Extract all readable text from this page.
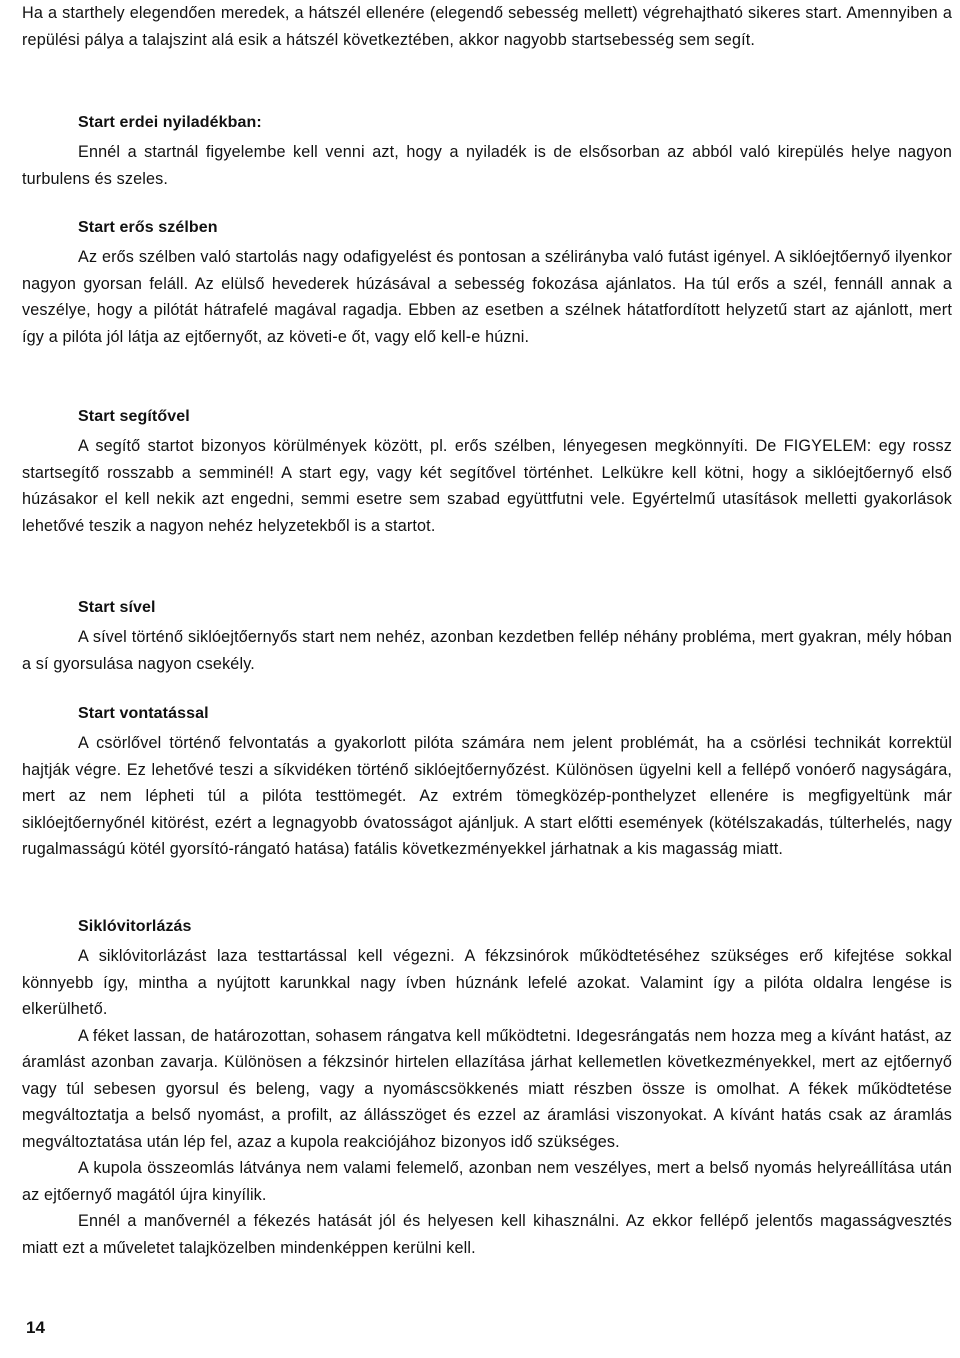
Ha a starthely elegendően meredek, a hátszél ellenére (elegendő sebesség mellett) végrehajtható sikeres start. Amennyiben a repülési pálya a talajszint alá esik a hátszél következtében, akkor nagyobb startsebesség sem segít.

Start erdei nyiladékban:

Ennél a startnál figyelembe kell venni azt, hogy a nyiladék is de elsősorban az abból való kirepülés helye nagyon turbulens és szeles.

Start erős szélben

Az erős szélben való startolás nagy odafigyelést és pontosan a szélirányba való futást igényel. A siklóejtőernyő ilyenkor nagyon gyorsan feláll. Az elülső hevederek húzásával a sebesség fokozása ajánlatos. Ha túl erős a szél, fennáll annak a veszélye, hogy a pilótát hátrafelé magával ragadja. Ebben az esetben a szélnek hátatfordított helyzetű start az ajánlott, mert így a pilóta jól látja az ejtőernyőt, az követi-e őt, vagy elő kell-e húzni.

Start segítővel

A segítő startot bizonyos körülmények között, pl. erős szélben, lényegesen megkönnyíti. De FIGYELEM: egy rossz startsegítő rosszabb a semminél! A start egy, vagy két segítővel történhet. Lelkükre kell kötni, hogy a siklóejtőernyő első húzásakor el kell nekik azt engedni, semmi esetre sem szabad együttfutni vele. Egyértelmű utasítások melletti gyakorlások lehetővé teszik a nagyon nehéz helyzetekből is a startot.

Start sível

A sível történő siklóejtőernyős start nem nehéz, azonban kezdetben fellép néhány probléma, mert gyakran, mély hóban a sí gyorsulása nagyon csekély.

Start vontatással

A csörlővel történő felvontatás a gyakorlott pilóta számára nem jelent problémát, ha a csörlési technikát korrektül hajtják végre. Ez lehetővé teszi a síkvidéken történő siklóejtőernyőzést. Különösen ügyelni kell a fellépő vonóerő nagyságára, mert az nem lépheti túl a pilóta testtömegét. Az extrém tömegközép-ponthelyzet ellenére is megfigyeltünk már siklóejtőernyőnél kitörést, ezért a legnagyobb óvatosságot ajánljuk. A start előtti események (kötélszakadás, túlterhelés, nagy rugalmasságú kötél gyorsító-rángató hatása) fatális következményekkel járhatnak a kis magasság miatt.

Siklóvitorlázás

A siklóvitorlázást laza testtartással kell végezni. A fékzsinórok működtetéséhez szükséges erő kifejtése sokkal könnyebb így, mintha a nyújtott karunkkal nagy ívben húznánk lefelé azokat. Valamint így a pilóta oldalra lengése is elkerülhető.

A féket lassan, de határozottan, sohasem rángatva kell működtetni. Idegesrángatás nem hozza meg a kívánt hatást, az áramlást azonban zavarja. Különösen a fékzsinór hirtelen ellazítása járhat kellemetlen következményekkel, mert az ejtőernyő vagy túl sebesen gyorsul és beleng, vagy a nyomáscsökkenés miatt részben össze is omolhat. A fékek működtetése megváltoztatja a belső nyomást, a profilt, az állásszöget és ezzel az áramlási viszonyokat. A kívánt hatás csak az áramlás megváltoztatása után lép fel, azaz a kupola reakciójához bizonyos idő szükséges.

A kupola összeomlás látványa nem valami felemelő, azonban nem veszélyes, mert a belső nyomás helyreállítása után az ejtőernyő magától újra kinyílik.

Ennél a manővernél a fékezés hatását jól és helyesen kell kihasználni. Az ekkor fellépő jelentős magasságvesztés miatt ezt a műveletet talajközelben mindenképpen kerülni kell.

14
